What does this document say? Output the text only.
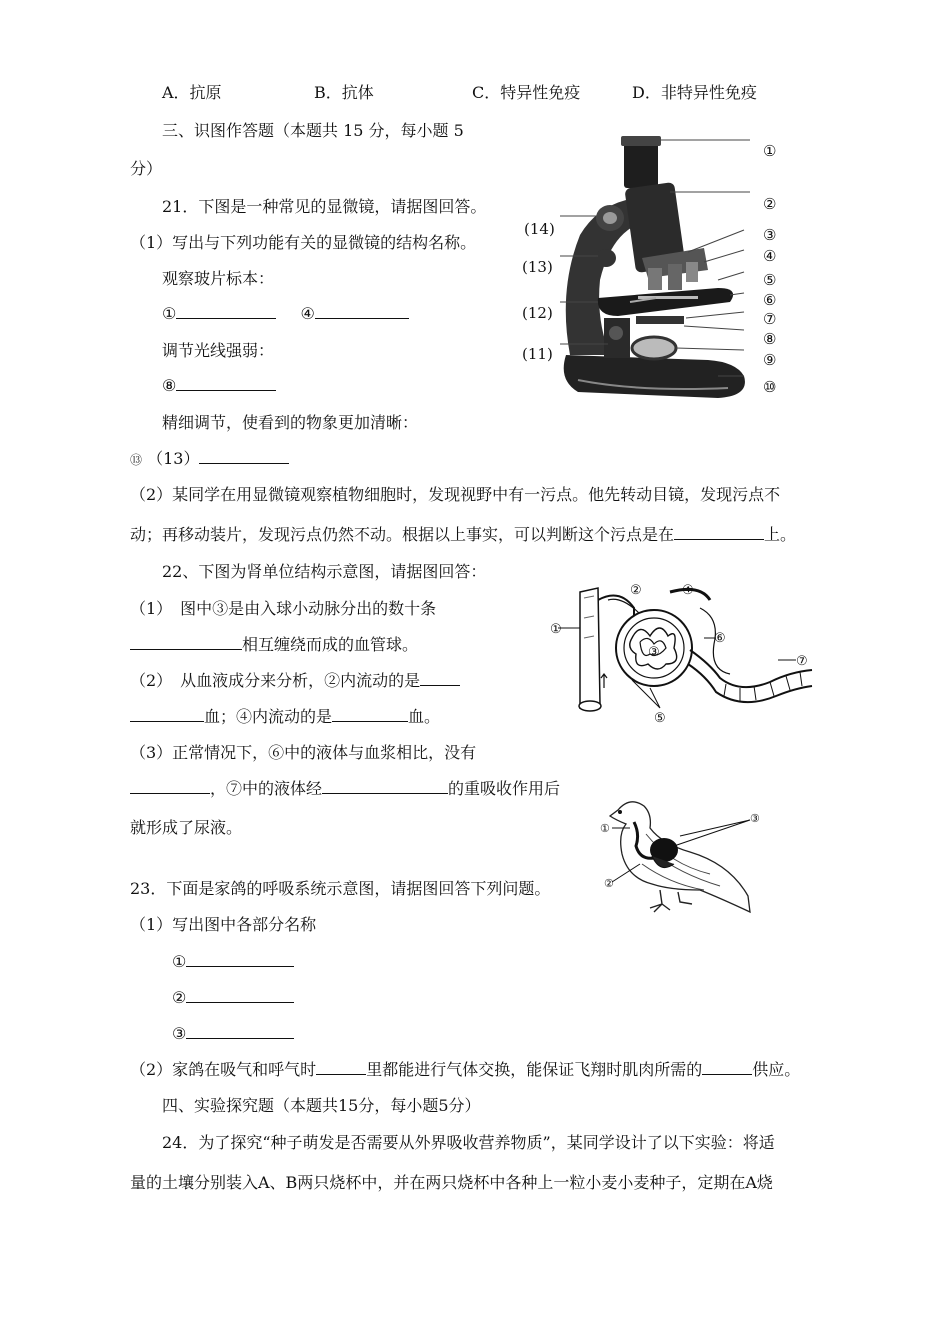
A．抗原	B．抗体	C．特异性免疫	D．非特异性免疫
三、识图作答题（本题共 15 分，每小题 5
分）
21．下图是一种常见的显微镜，请据图回答。
（1）写出与下列功能有关的显微镜的结构名称。
观察玻片标本：
①	④
调节光线强弱：
⑧
精细调节，使看到的物象更加清晰：
⑬ （13）
（2）某同学在用显微镜观察植物细胞时，发现视野中有一污点。他先转动目镜，发现污点不
动；再移动装片，发现污点仍然不动。根据以上事实，可以判断这个污点是在	上。
①
②
③
④
⑤
⑥
⑦
⑧
⑨
⑩
(14)
(13)
(12)
(11)
22、下图为肾单位结构示意图，请据图回答：
（1）　图中③是由入球小动脉分出的数十条
相互缠绕而成的血管球。
（2）　从血液成分来分析，②内流动的是
血；④内流动的是	血。
（3）正常情况下，⑥中的液体与血浆相比，没有
，⑦中的液体经	的重吸收作用后
就形成了尿液。
①
②
③
④
⑤
⑥
⑦
23．下面是家鸽的呼吸系统示意图，请据图回答下列问题。
（1）写出图中各部分名称
①
②
③
（2）家鸽在吸气和呼气时	里都能进行气体交换，能保证飞翔时肌肉所需的	供应。
①
②
③
四、实验探究题（本题共15分，每小题5分）
24．为了探究“种子萌发是否需要从外界吸收营养物质”，某同学设计了以下实验：将适
量的土壤分别装入A、B两只烧杯中，并在两只烧杯中各种上一粒小麦小麦种子，定期在A烧
